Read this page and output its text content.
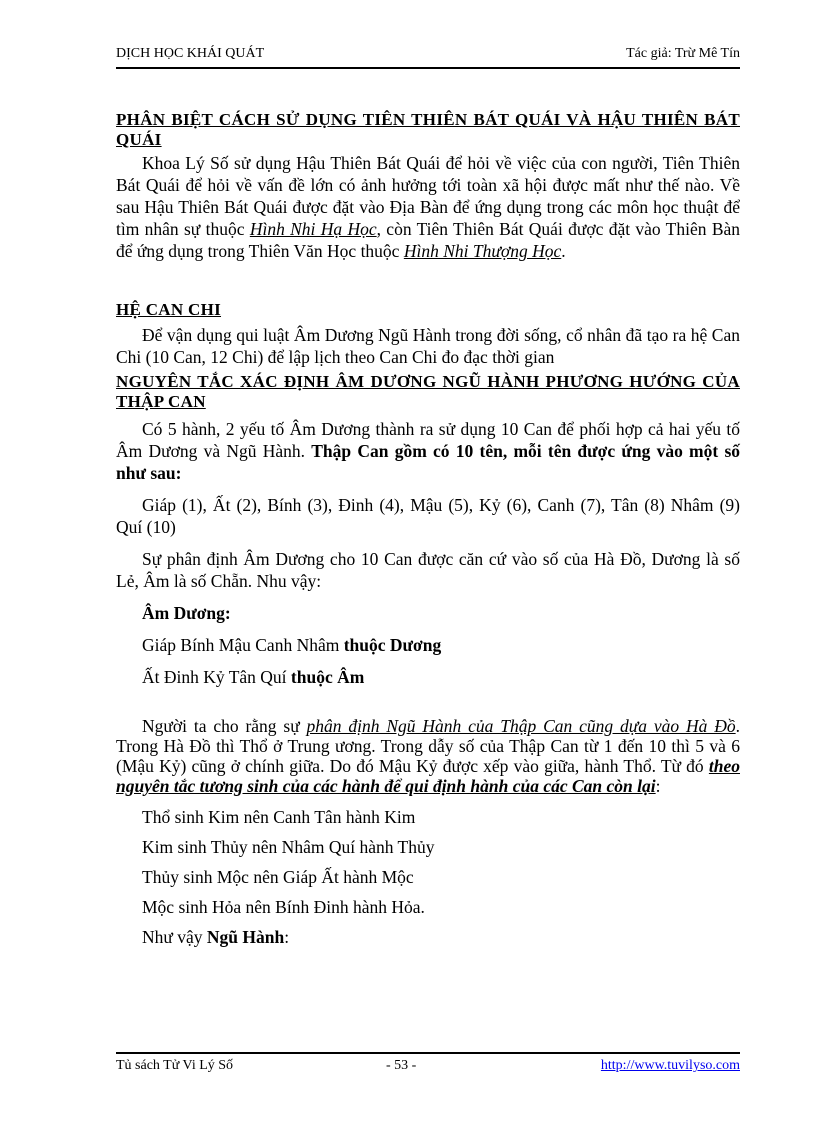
DỊCH HỌC KHÁI QUÁT	Tác giả: Trừ Mê Tín

PHÂN BIỆT CÁCH SỬ DỤNG TIÊN THIÊN BÁT QUÁI VÀ HẬU THIÊN BÁT QUÁI

Khoa Lý Số sử dụng Hậu Thiên Bát Quái để hỏi về việc của con người, Tiên Thiên Bát Quái để hỏi về vấn đề lớn có ảnh hưởng tới toàn xã hội được mất như thế nào. Về sau Hậu Thiên Bát Quái được đặt vào Địa Bàn để ứng dụng trong các môn học thuật để tìm nhân sự thuộc Hình Nhi Hạ Học, còn Tiên Thiên Bát Quái được đặt vào Thiên Bàn để ứng dụng trong Thiên Văn Học thuộc Hình Nhi Thượng Học.

HỆ CAN CHI

Để vận dụng qui luật Âm Dương Ngũ Hành trong đời sống, cổ nhân đã tạo ra hệ Can Chi (10 Can, 12 Chi) để lập lịch theo Can Chi đo đạc thời gian

NGUYÊN TẮC XÁC ĐỊNH ÂM DƯƠNG NGŨ HÀNH PHƯƠNG HƯỚNG CỦA THẬP CAN

Có 5 hành, 2 yếu tố Âm Dương thành ra sử dụng 10 Can để phối hợp cả hai yếu tố Âm Dương và Ngũ Hành. Thập Can gồm có 10 tên, mỗi tên được ứng vào một số như sau:

Giáp (1), Ất (2), Bính (3), Đinh (4), Mậu (5), Kỷ (6), Canh (7), Tân (8) Nhâm (9) Quí (10)

Sự phân định Âm Dương cho 10 Can được căn cứ vào số của Hà Đồ, Dương là số Lẻ, Âm là số Chẵn. Nhu vậy:

Âm Dương:

Giáp Bính Mậu Canh Nhâm thuộc Dương

Ất Đinh Kỷ Tân Quí thuộc Âm

Người ta cho rằng sự phân định Ngũ Hành của Thập Can cũng dựa vào Hà Đồ. Trong Hà Đồ thì Thổ ở Trung ương. Trong dẫy số của Thập Can từ 1 đến 10 thì 5 và 6 (Mậu Kỷ) cũng ở chính giữa. Do đó Mậu Kỷ được xếp vào giữa, hành Thổ. Từ đó theo nguyên tắc tương sinh của các hành để qui định hành của các Can còn lại:

Thổ sinh Kim nên Canh Tân hành Kim

Kim sinh Thủy nên Nhâm Quí hành Thủy

Thủy sinh Mộc nên Giáp Ất hành Mộc

Mộc sinh Hỏa nên Bính Đinh hành Hỏa.

Như vậy Ngũ Hành:

Tủ sách Tử Vi Lý Số	- 53 -	http://www.tuvilyso.com
